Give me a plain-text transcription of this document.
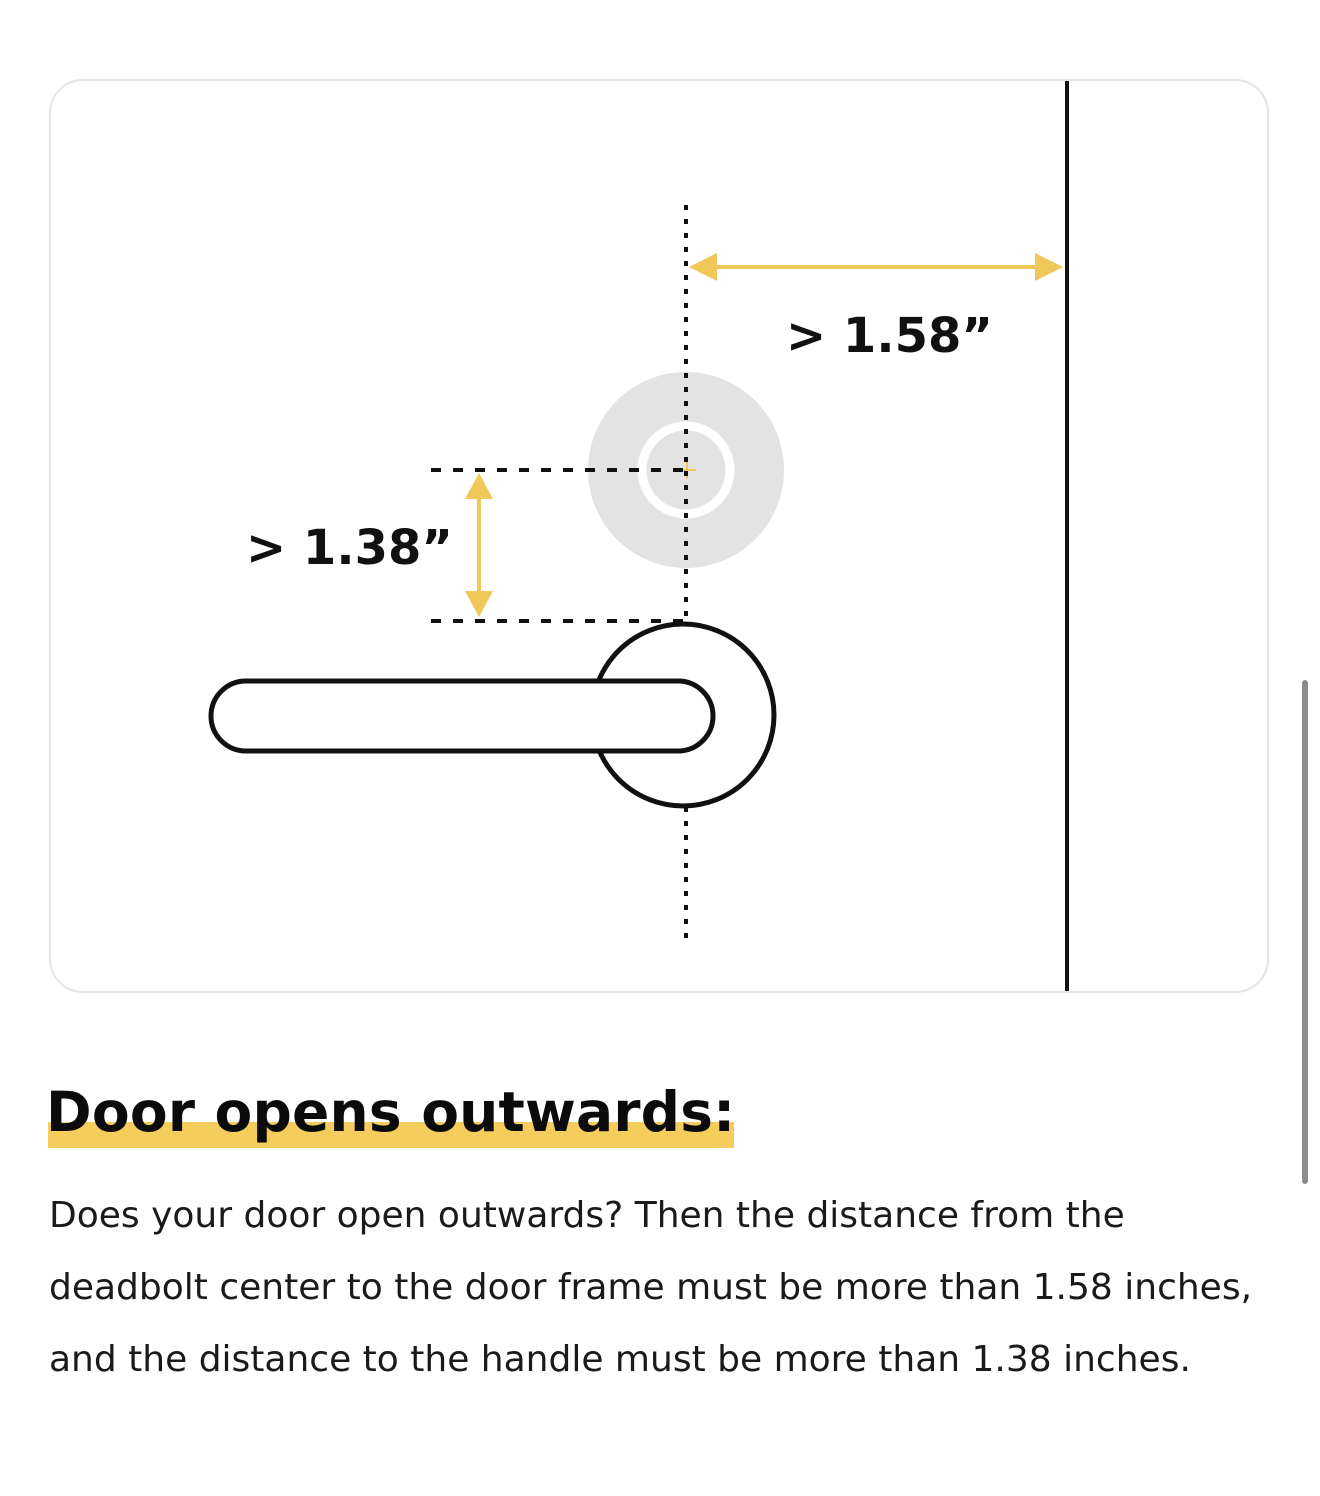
> 1.58”
> 1.38”
Door opens outwards:

Does your door open outwards? Then the distance from the deadbolt center to the door frame must be more than 1.58 inches, and the distance to the handle must be more than 1.38 inches.
